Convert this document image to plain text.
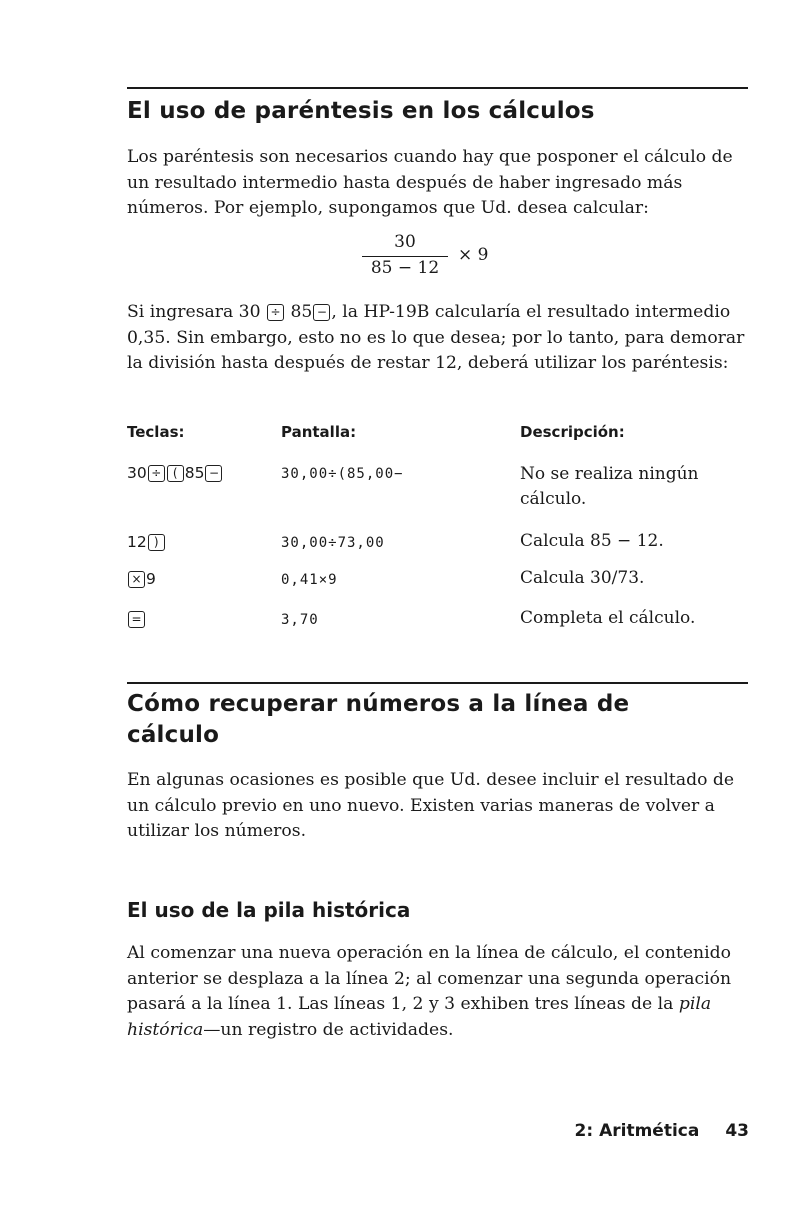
El uso de paréntesis en los cálculos

Los paréntesis son necesarios cuando hay que posponer el cálculo de un resultado intermedio hasta después de haber ingresado más números. Por ejemplo, supongamos que Ud. desea calcular:

30
85 − 12
× 9

Si ingresara 30 ÷ 85 − , la HP-19B calcularía el resultado intermedio 0,35. Sin embargo, esto no es lo que desea; por lo tanto, para demorar la división hasta después de restar 12, deberá utilizar los paréntesis:

Teclas:	Pantalla:	Descripción:
30 ÷ ( 85 −	30,00÷(85,00−	No se realiza ningún cálculo.
12 )	30,00÷73,00	Calcula 85 − 12.
× 9	0,41×9	Calcula 30/73.
=	3,70	Completa el cálculo.
Cómo recuperar números a la línea de
cálculo

En algunas ocasiones es posible que Ud. desee incluir el resultado de un cálculo previo en uno nuevo. Existen varias maneras de volver a utilizar los números.

El uso de la pila histórica

Al comenzar una nueva operación en la línea de cálculo, el contenido anterior se desplaza a la línea 2; al comenzar una segunda operación pasará a la línea 1. Las líneas 1, 2 y 3 exhiben tres líneas de la pila histórica—un registro de actividades.

2: Aritmética 43
